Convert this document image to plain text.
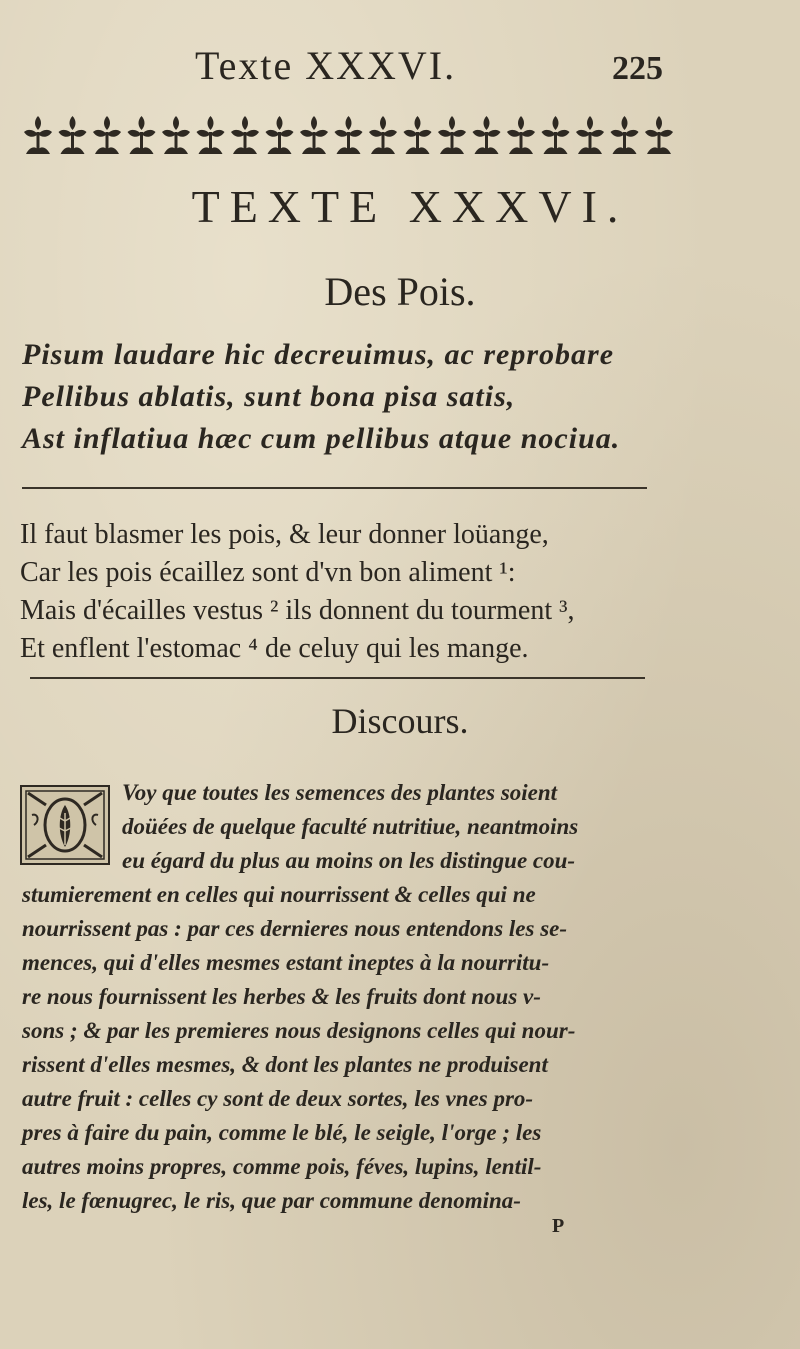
Texte XXXVI.	225
TEXTE XXXVI.
Des Pois.
Pisum laudare hic decreuimus, ac reprobare
Pellibus ablatis, sunt bona pisa satis,
Ast inflatiua hæc cum pellibus atque nociua.
Il faut blasmer les pois, & leur donner loüange,
Car les pois écaillez sont d'vn bon aliment ¹:
Mais d'écailles vestus ² ils donnent du tourment ³,
Et enflent l'estomac ⁴ de celuy qui les mange.
Discours.
Voy que toutes les semences des plantes soient
doüées de quelque faculté nutritiue, neantmoins
eu égard du plus au moins on les distingue cou-
stumierement en celles qui nourrissent & celles qui ne
nourrissent pas : par ces dernieres nous entendons les se-
mences, qui d'elles mesmes estant ineptes à la nourritu-
re nous fournissent les herbes & les fruits dont nous v-
sons ; & par les premieres nous designons celles qui nour-
rissent d'elles mesmes, & dont les plantes ne produisent
autre fruit : celles cy sont de deux sortes, les vnes pro-
pres à faire du pain, comme le blé, le seigle, l'orge ; les
autres moins propres, comme pois, féves, lupins, lentil-
les, le fœnugrec, le ris, que par commune denomina-
P
